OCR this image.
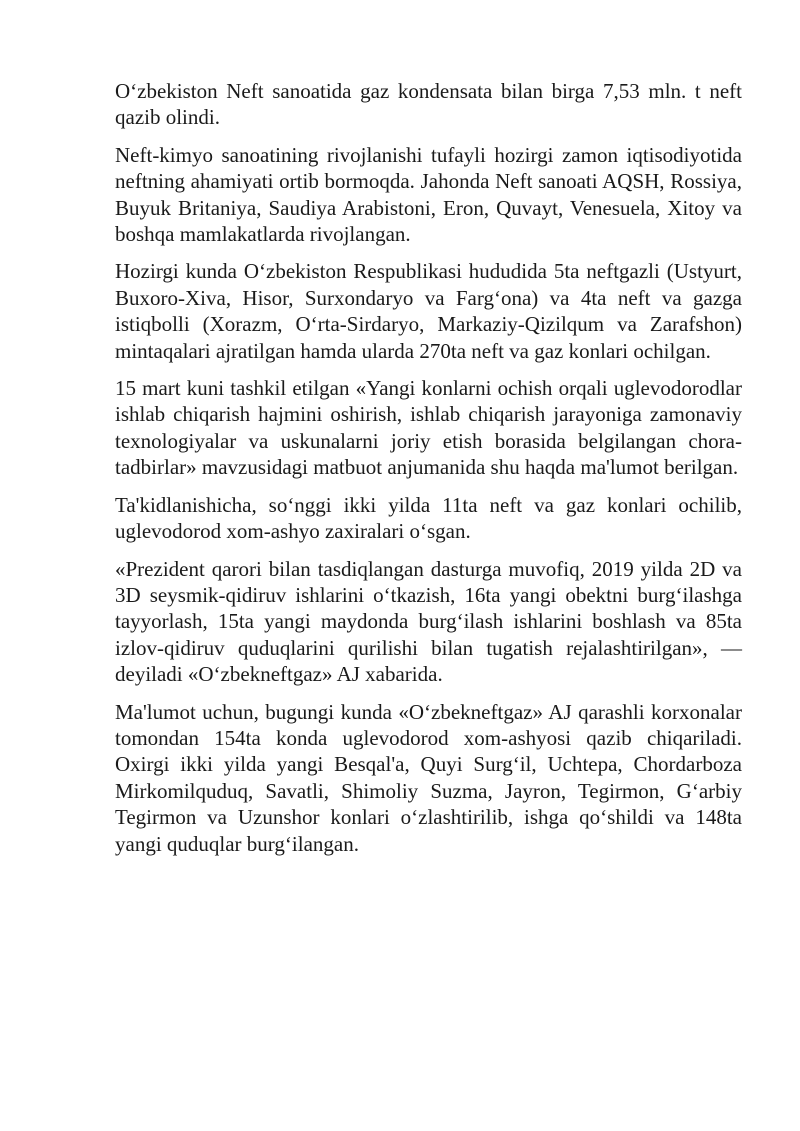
O‘zbekiston Neft sanoatida gaz kondensata bilan birga 7,53 mln. t neft qazib olindi.

Neft-kimyo sanoatining rivojlanishi tufayli hozirgi zamon iqtisodiyotida neftning ahamiyati ortib bormoqda. Jahonda Neft sanoati AQSH, Rossiya, Buyuk Britaniya, Saudiya Arabistoni, Eron, Quvayt, Venesuela, Xitoy va boshqa mamlakatlarda rivojlangan.

Hozirgi kunda O‘zbekiston Respublikasi hududida 5ta neftgazli (Ustyurt, Buxoro-Xiva, Hisor, Surxondaryo va Farg‘ona) va 4ta neft va gazga istiqbolli (Xorazm, O‘rta-Sirdaryo, Markaziy-Qizilqum va Zarafshon) mintaqalari ajratilgan hamda ularda 270ta neft va gaz konlari ochilgan.

15 mart kuni tashkil etilgan «Yangi konlarni ochish orqali uglevodorodlar ishlab chiqarish hajmini oshirish, ishlab chiqarish jarayoniga zamonaviy texnologiyalar va uskunalarni joriy etish borasida belgilangan chora-tadbirlar» mavzusidagi matbuot anjumanida shu haqda ma'lumot berilgan.

Ta'kidlanishicha, so‘nggi ikki yilda 11ta neft va gaz konlari ochilib, uglevodorod xom-ashyo zaxiralari o‘sgan.

«Prezident qarori bilan tasdiqlangan dasturga muvofiq, 2019 yilda 2D va 3D seysmik-qidiruv ishlarini o‘tkazish, 16ta yangi obektni burg‘ilashga tayyorlash, 15ta yangi maydonda burg‘ilash ishlarini boshlash va 85ta izlov-qidiruv quduqlarini qurilishi bilan tugatish rejalashtirilgan», — deyiladi «O‘zbekneftgaz» AJ xabarida.

Ma'lumot uchun, bugungi kunda «O‘zbekneftgaz» AJ qarashli korxonalar tomondan 154ta konda uglevodorod xom-ashyosi qazib chiqariladi. Oxirgi ikki yilda yangi Besqal'a, Quyi Surg‘il, Uchtepa, Chordarboza Mirkomilquduq, Savatli, Shimoliy Suzma, Jayron, Tegirmon, G‘arbiy Tegirmon va Uzunshor konlari o‘zlashtirilib, ishga qo‘shildi va 148ta yangi quduqlar burg‘ilangan.
